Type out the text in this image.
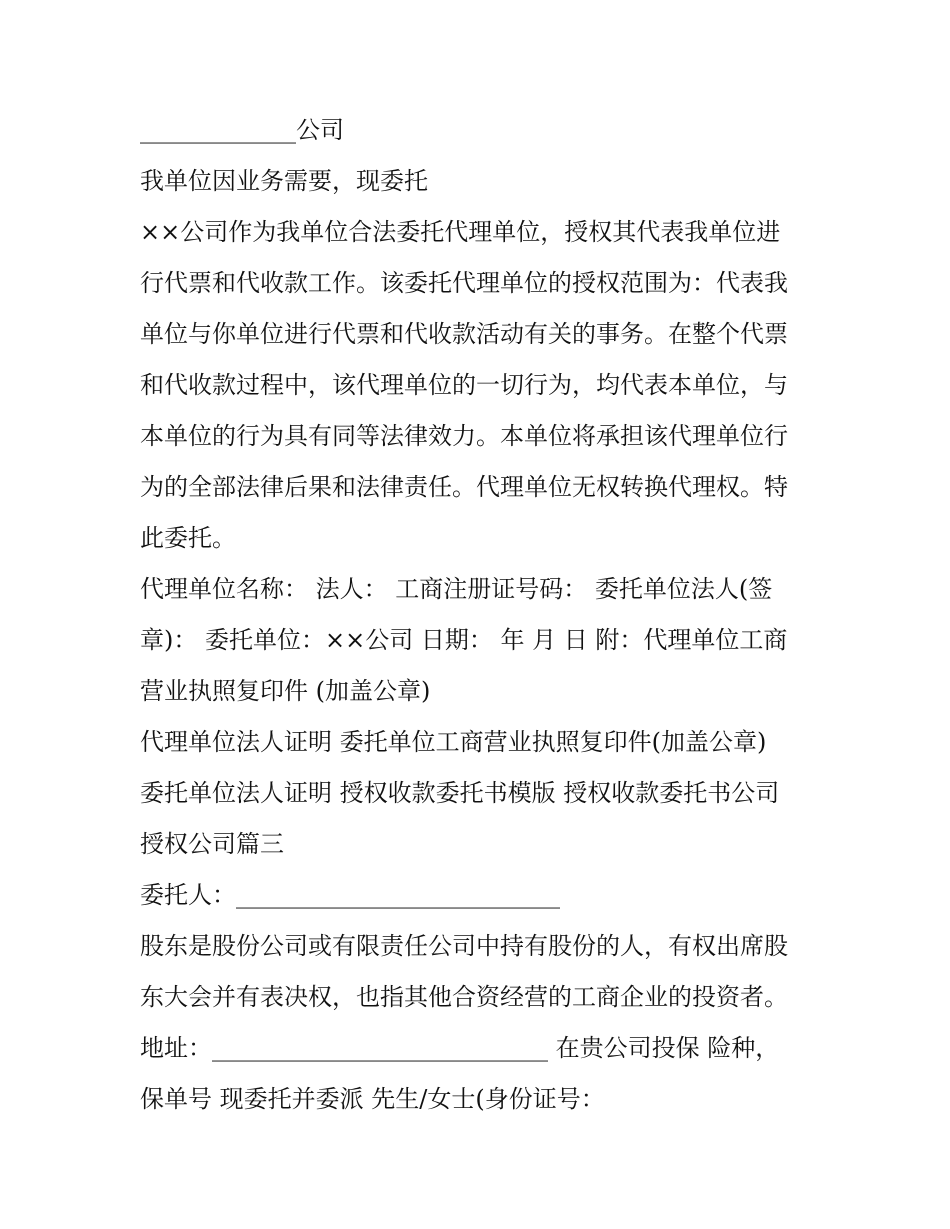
_____________公司
我单位因业务需要，现委托
××公司作为我单位合法委托代理单位，授权其代表我单位进
行代票和代收款工作。该委托代理单位的授权范围为：代表我
单位与你单位进行代票和代收款活动有关的事务。在整个代票
和代收款过程中，该代理单位的一切行为，均代表本单位，与
本单位的行为具有同等法律效力。本单位将承担该代理单位行
为的全部法律后果和法律责任。代理单位无权转换代理权。特
此委托。
代理单位名称： 法人： 工商注册证号码： 委托单位法人(签
章)： 委托单位：××公司 日期： 年 月 日 附：代理单位工商
营业执照复印件 (加盖公章)
代理单位法人证明 委托单位工商营业执照复印件(加盖公章)
委托单位法人证明 授权收款委托书模版 授权收款委托书公司
授权公司篇三
委托人：___________________________
股东是股份公司或有限责任公司中持有股份的人，有权出席股
东大会并有表决权，也指其他合资经营的工商企业的投资者。
地址：____________________________ 在贵公司投保 险种，
保单号 现委托并委派 先生/女士(身份证号：
